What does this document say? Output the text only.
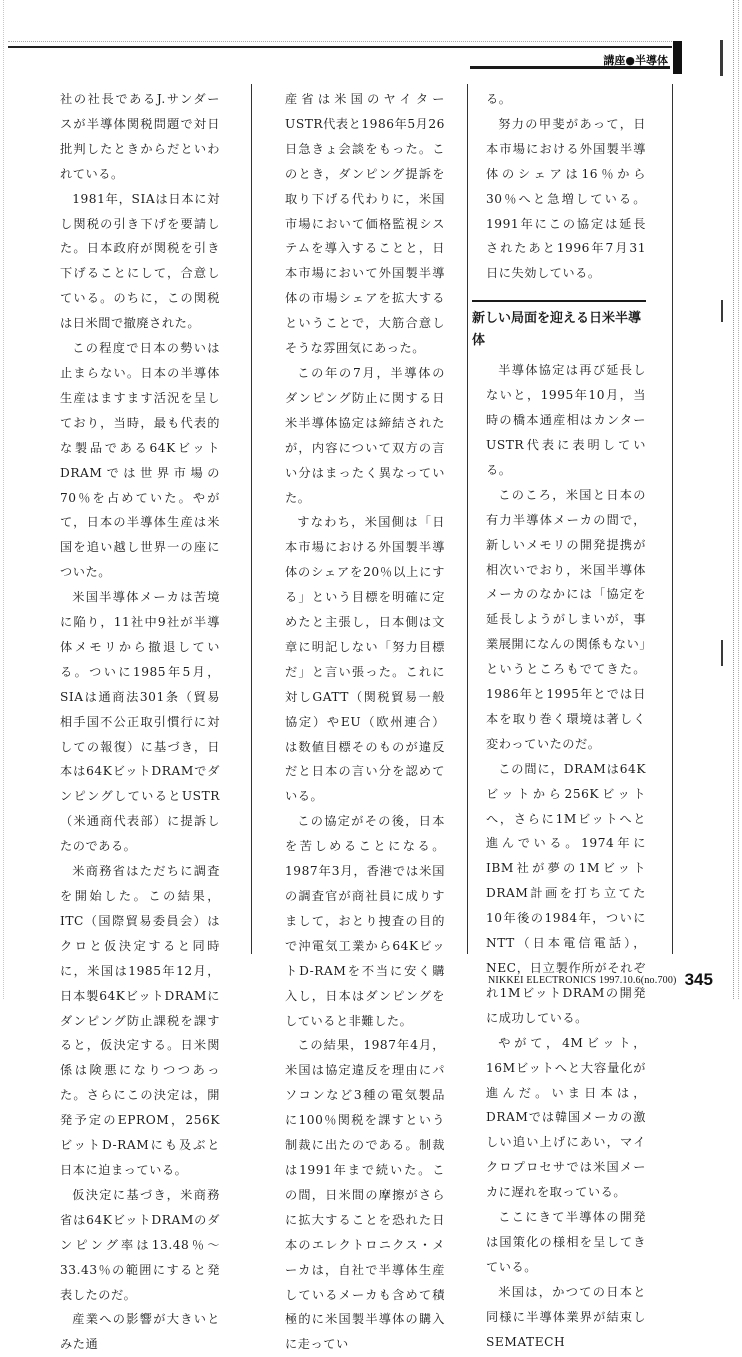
講座●半導体

社の社長であるJ.サンダースが半導体関税問題で対日批判したときからだといわれている。

1981年，SIAは日本に対し関税の引き下げを要請した。日本政府が関税を引き下げることにして，合意している。のちに，この関税は日米間で撤廃された。

この程度で日本の勢いは止まらない。日本の半導体生産はますます活況を呈しており，当時，最も代表的な製品である64KビットDRAMでは世界市場の70％を占めていた。やがて，日本の半導体生産は米国を追い越し世界一の座についた。

米国半導体メーカは苦境に陥り，11社中9社が半導体メモリから撤退している。ついに1985年5月，SIAは通商法301条（貿易相手国不公正取引慣行に対しての報復）に基づき，日本は64KビットDRAMでダンピングしているとUSTR（米通商代表部）に提訴したのである。

米商務省はただちに調査を開始した。この結果，ITC（国際貿易委員会）はクロと仮決定すると同時に，米国は1985年12月，日本製64KビットDRAMにダンピング防止課税を課すると，仮決定する。日米関係は険悪になりつつあった。さらにこの決定は，開発予定のEPROM，256KビットD-RAMにも及ぶと日本に迫まっている。

仮決定に基づき，米商務省は64KビットDRAMのダンピング率は13.48％～33.43％の範囲にすると発表したのだ。

産業への影響が大きいとみた通

産省は米国のヤイターUSTR代表と1986年5月26日急きょ会談をもった。このとき，ダンピング提訴を取り下げる代わりに，米国市場において価格監視システムを導入することと，日本市場において外国製半導体の市場シェアを拡大するということで，大筋合意しそうな雰囲気にあった。

この年の7月，半導体のダンピング防止に関する日米半導体協定は締結されたが，内容について双方の言い分はまったく異なっていた。

すなわち，米国側は「日本市場における外国製半導体のシェアを20％以上にする」という目標を明確に定めたと主張し，日本側は文章に明記しない「努力目標だ」と言い張った。これに対しGATT（関税貿易一般協定）やEU（欧州連合）は数値目標そのものが違反だと日本の言い分を認めている。

この協定がその後，日本を苦しめることになる。1987年3月，香港では米国の調査官が商社員に成りすまして，おとり捜査の目的で沖電気工業から64KビットD-RAMを不当に安く購入し，日本はダンピングをしていると非難した。

この結果，1987年4月，米国は協定違反を理由にパソコンなど3種の電気製品に100％関税を課すという制裁に出たのである。制裁は1991年まで続いた。この間，日米間の摩擦がさらに拡大することを恐れた日本のエレクトロニクス・メーカは，自社で半導体生産しているメーカも含めて積極的に米国製半導体の購入に走ってい

る。

努力の甲斐があって，日本市場における外国製半導体のシェアは16％から30％へと急増している。1991年にこの協定は延長されたあと1996年7月31日に失効している。

新しい局面を迎える日米半導体

半導体協定は再び延長しないと，1995年10月，当時の橋本通産相はカンターUSTR代表に表明している。

このころ，米国と日本の有力半導体メーカの間で，新しいメモリの開発提携が相次いでおり，米国半導体メーカのなかには「協定を延長しようがしまいが，事業展開になんの関係もない」というところもでてきた。1986年と1995年とでは日本を取り巻く環境は著しく変わっていたのだ。

この間に，DRAMは64Kビットから256Kビットへ，さらに1Mビットへと進んでいる。1974年にIBM社が夢の1MビットDRAM計画を打ち立てた10年後の1984年，ついにNTT（日本電信電話），NEC，日立製作所がそれぞれ1MビットDRAMの開発に成功している。

やがて，4Mビット，16Mビットへと大容量化が進んだ。いま日本は，DRAMでは韓国メーカの激しい追い上げにあい，マイクロプロセサでは米国メーカに遅れを取っている。

ここにきて半導体の開発は国策化の様相を呈してきている。

米国は，かつての日本と同様に半導体業界が結束しSEMATECH

NIKKEI ELECTRONICS 1997.10.6(no.700) 345
